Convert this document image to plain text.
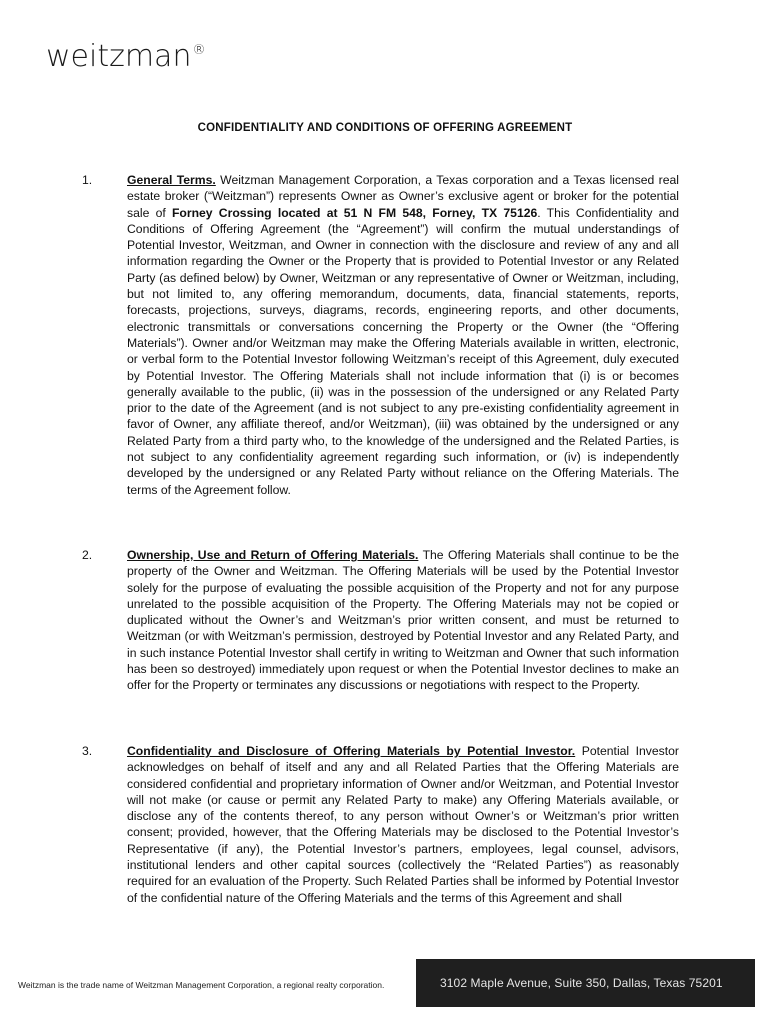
weitzman®
CONFIDENTIALITY AND CONDITIONS OF OFFERING AGREEMENT
1.	General Terms. Weitzman Management Corporation, a Texas corporation and a Texas licensed real estate broker (“Weitzman”) represents Owner as Owner’s exclusive agent or broker for the potential sale of Forney Crossing located at 51 N FM 548, Forney, TX 75126. This Confidentiality and Conditions of Offering Agreement (the “Agreement”) will confirm the mutual understandings of Potential Investor, Weitzman, and Owner in connection with the disclosure and review of any and all information regarding the Owner or the Property that is provided to Potential Investor or any Related Party (as defined below) by Owner, Weitzman or any representative of Owner or Weitzman, including, but not limited to, any offering memorandum, documents, data, financial statements, reports, forecasts, projections, surveys, diagrams, records, engineering reports, and other documents, electronic transmittals or conversations concerning the Property or the Owner (the “Offering Materials”). Owner and/or Weitzman may make the Offering Materials available in written, electronic, or verbal form to the Potential Investor following Weitzman’s receipt of this Agreement, duly executed by Potential Investor. The Offering Materials shall not include information that (i) is or becomes generally available to the public, (ii) was in the possession of the undersigned or any Related Party prior to the date of the Agreement (and is not subject to any pre-existing confidentiality agreement in favor of Owner, any affiliate thereof, and/or Weitzman), (iii) was obtained by the undersigned or any Related Party from a third party who, to the knowledge of the undersigned and the Related Parties, is not subject to any confidentiality agreement regarding such information, or (iv) is independently developed by the undersigned or any Related Party without reliance on the Offering Materials. The terms of the Agreement follow.
2.	Ownership, Use and Return of Offering Materials. The Offering Materials shall continue to be the property of the Owner and Weitzman. The Offering Materials will be used by the Potential Investor solely for the purpose of evaluating the possible acquisition of the Property and not for any purpose unrelated to the possible acquisition of the Property. The Offering Materials may not be copied or duplicated without the Owner’s and Weitzman’s prior written consent, and must be returned to Weitzman (or with Weitzman’s permission, destroyed by Potential Investor and any Related Party, and in such instance Potential Investor shall certify in writing to Weitzman and Owner that such information has been so destroyed) immediately upon request or when the Potential Investor declines to make an offer for the Property or terminates any discussions or negotiations with respect to the Property.
3.	Confidentiality and Disclosure of Offering Materials by Potential Investor. Potential Investor acknowledges on behalf of itself and any and all Related Parties that the Offering Materials are considered confidential and proprietary information of Owner and/or Weitzman, and Potential Investor will not make (or cause or permit any Related Party to make) any Offering Materials available, or disclose any of the contents thereof, to any person without Owner’s or Weitzman’s prior written consent; provided, however, that the Offering Materials may be disclosed to the Potential Investor’s Representative (if any), the Potential Investor’s partners, employees, legal counsel, advisors, institutional lenders and other capital sources (collectively the “Related Parties”) as reasonably required for an evaluation of the Property. Such Related Parties shall be informed by Potential Investor of the confidential nature of the Offering Materials and the terms of this Agreement and shall
Weitzman is the trade name of Weitzman Management Corporation, a regional realty corporation.	3102 Maple Avenue, Suite 350, Dallas, Texas 75201
